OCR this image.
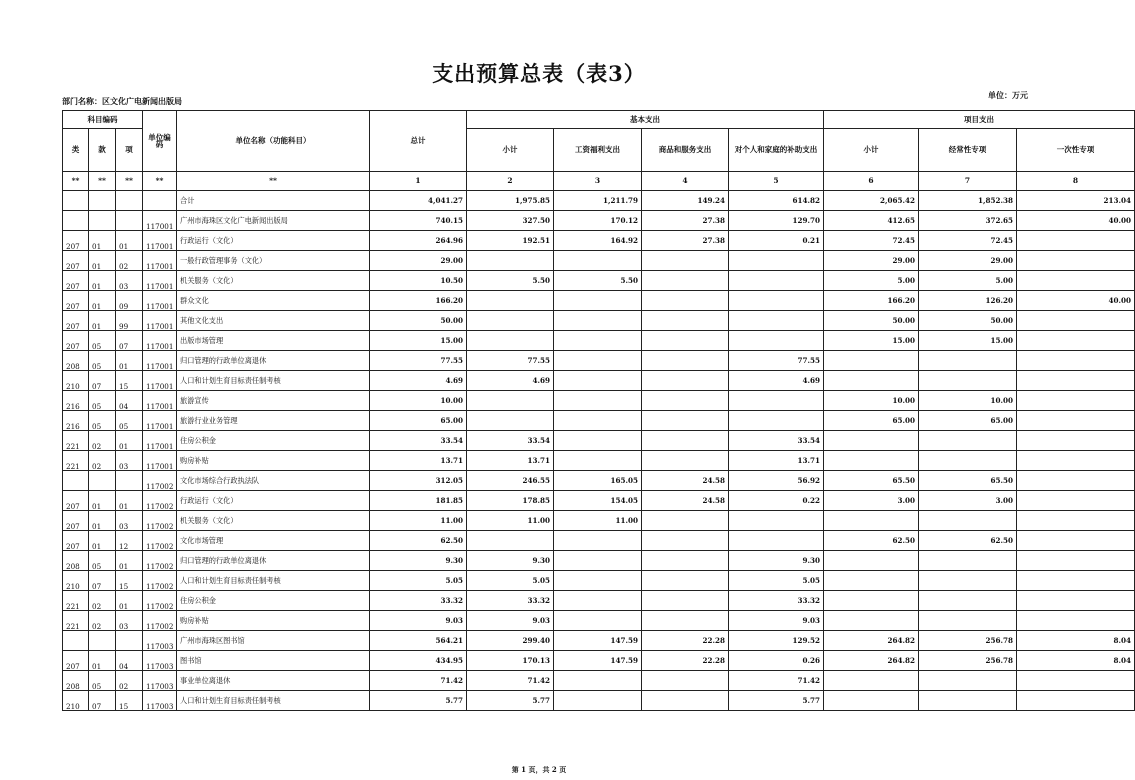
支出预算总表（表3）
部门名称：区文化广电新闻出版局
单位：万元
科目编码			单位编码	单位名称（功能科目）	总计	基本支出				项目支出		
类	款	项				小计	工资福利支出	商品和服务支出	对个人和家庭的补助支出	小计	经常性专项	一次性专项
**	**	**	**	**	1	2	3	4	5	6	7	8
				合计	4,041.27	1,975.85	1,211.79	149.24	614.82	2,065.42	1,852.38	213.04
			117001	广州市海珠区文化广电新闻出版局	740.15	327.50	170.12	27.38	129.70	412.65	372.65	40.00
207	01	01	117001	行政运行（文化）	264.96	192.51	164.92	27.38	0.21	72.45	72.45	
207	01	02	117001	一般行政管理事务（文化）	29.00					29.00	29.00	
207	01	03	117001	机关服务（文化）	10.50	5.50	5.50			5.00	5.00	
207	01	09	117001	群众文化	166.20					166.20	126.20	40.00
207	01	99	117001	其他文化支出	50.00					50.00	50.00	
207	05	07	117001	出版市场管理	15.00					15.00	15.00	
208	05	01	117001	归口管理的行政单位离退休	77.55	77.55			77.55			
210	07	15	117001	人口和计划生育目标责任制考核	4.69	4.69			4.69			
216	05	04	117001	旅游宣传	10.00					10.00	10.00	
216	05	05	117001	旅游行业业务管理	65.00					65.00	65.00	
221	02	01	117001	住房公积金	33.54	33.54			33.54			
221	02	03	117001	购房补贴	13.71	13.71			13.71			
			117002	文化市场综合行政执法队	312.05	246.55	165.05	24.58	56.92	65.50	65.50	
207	01	01	117002	行政运行（文化）	181.85	178.85	154.05	24.58	0.22	3.00	3.00	
207	01	03	117002	机关服务（文化）	11.00	11.00	11.00					
207	01	12	117002	文化市场管理	62.50					62.50	62.50	
208	05	01	117002	归口管理的行政单位离退休	9.30	9.30			9.30			
210	07	15	117002	人口和计划生育目标责任制考核	5.05	5.05			5.05			
221	02	01	117002	住房公积金	33.32	33.32			33.32			
221	02	03	117002	购房补贴	9.03	9.03			9.03			
			117003	广州市海珠区图书馆	564.21	299.40	147.59	22.28	129.52	264.82	256.78	8.04
207	01	04	117003	图书馆	434.95	170.13	147.59	22.28	0.26	264.82	256.78	8.04
208	05	02	117003	事业单位离退休	71.42	71.42			71.42			
210	07	15	117003	人口和计划生育目标责任制考核	5.77	5.77			5.77			
第 1 页，共 2 页
